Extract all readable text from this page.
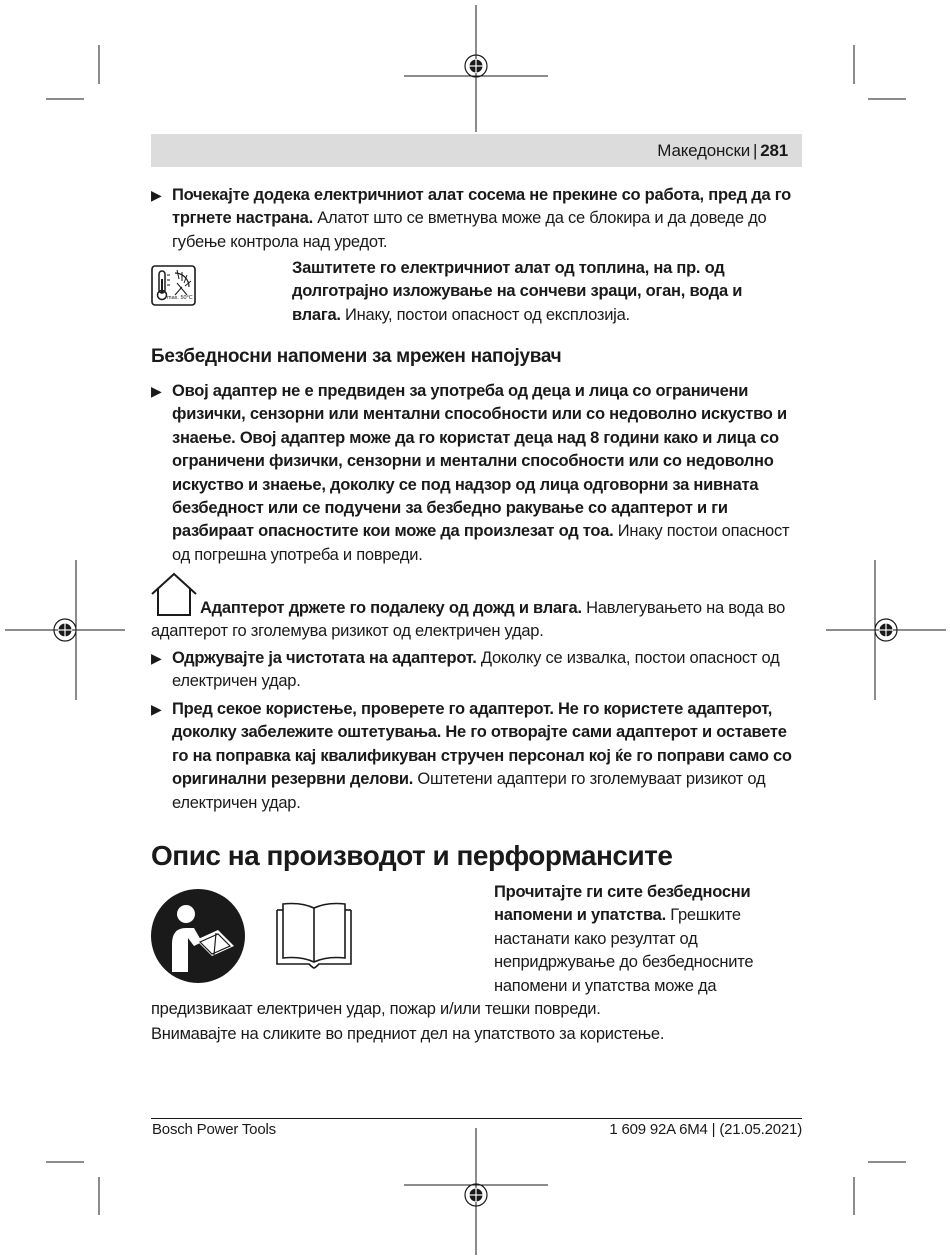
Македонски | 281
▶ Почекајте додека електричниот алат сосема не прекине со работа, пред да го тргнете настрана. Алатот што се вметнува може да се блокира и да доведе до губење контрола над уредот.
max. 50°C
Заштитете го електричниот алат од топлина, на пр. од долготрајно изложување на сончеви зраци, оган, вода и влага. Инаку, постои опасност од експлозија.
Безбедносни напомени за мрежен напојувач
▶ Овој адаптер не е предвиден за употреба од деца и лица со ограничени физички, сензорни или ментални способности или со недоволно искуство и знаење. Овој адаптер може да го користат деца над 8 години како и лица со ограничени физички, сензорни и ментални способности или со недоволно искуство и знаење, доколку се под надзор од лица одговорни за нивната безбедност или се подучени за безбедно ракување со адаптерот и ги разбираат опасностите кои може да произлезат од тоа. Инаку постои опасност од погрешна употреба и повреди.
Адаптерот држете го подалеку од дожд и влага. Навлегувањето на вода во адаптерот го зголемува ризикот од електричен удар.
▶ Одржувајте ја чистотата на адаптерот. Доколку се извалка, постои опасност од електричен удар.
▶ Пред секое користење, проверете го адаптерот. Не го користете адаптерот, доколку забележите оштетувања. Не го отворајте сами адаптерот и оставете го на поправка кај квалификуван стручен персонал кој ќе го поправи само со оригинални резервни делови. Оштетени адаптери го зголемуваат ризикот од електричен удар.
Опис на производот и перформансите
Прочитајте ги сите безбедносни напомени и упатства. Грешките настанати како резултат од непридржување до безбедносните напомени и упатства може да
предизвикаат електричен удар, пожар и/или тешки повреди.
Внимавајте на сликите во предниот дел на упатството за користење.
Bosch Power Tools	1 609 92A 6M4 | (21.05.2021)
